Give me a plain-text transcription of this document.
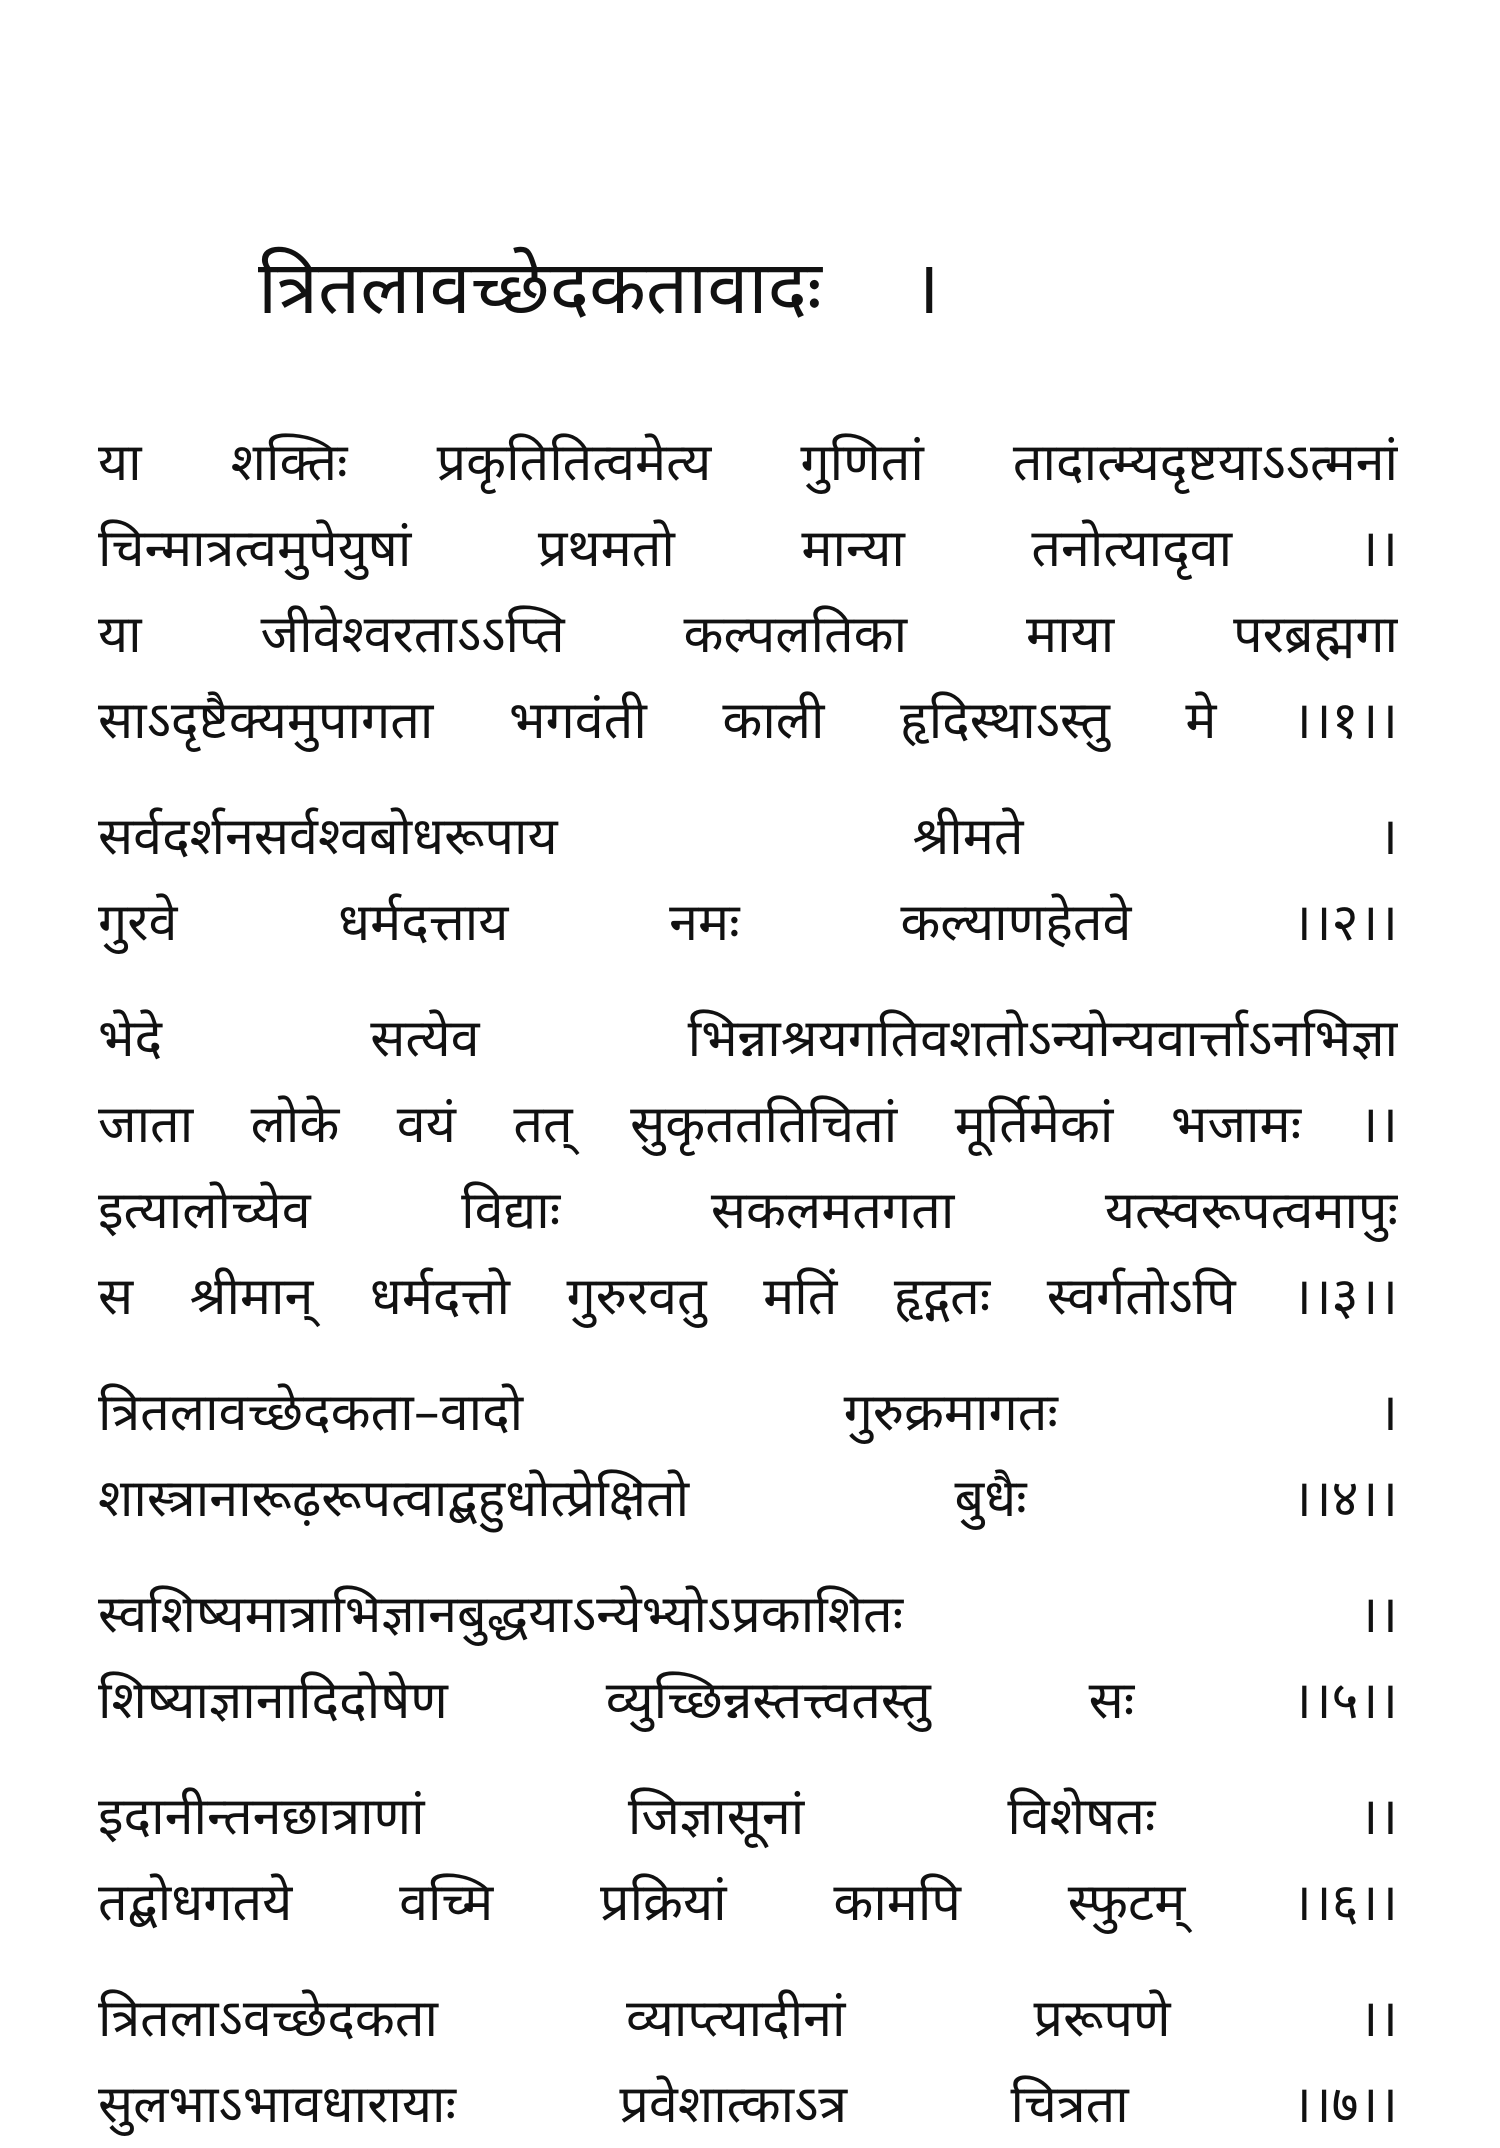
त्रितलावच्छेदकतावादः ।
या शक्तिः प्रकृतितित्वमेत्य गुणितां तादात्म्यदृष्टयाऽऽत्मनां
चिन्मात्रत्वमुपेयुषां प्रथमतो मान्या तनोत्यादृवा ।।
या जीवेश्वरताऽऽप्ति कल्पलतिका माया परब्रह्मगा
साऽदृष्टैक्यमुपागता भगवंती काली हृदिस्थाऽस्तु मे ।।१।।
सर्वदर्शनसर्वश्वबोधरूपाय श्रीमते ।
गुरवे धर्मदत्ताय नमः कल्याणहेतवे ।।२।।
भेदे सत्येव भिन्नाश्रयगतिवशतोऽन्योन्यवार्त्ताऽनभिज्ञा
जाता लोके वयं तत् सुकृतततिचितां मूर्तिमेकां भजामः ।।
इत्यालोच्येव विद्याः सकलमतगता यत्स्वरूपत्वमापुः
स श्रीमान् धर्मदत्तो गुरुरवतु मतिं हृद्गतः स्वर्गतोऽपि ।।३।।
त्रितलावच्छेदकता–वादो गुरुक्रमागतः ।
शास्त्रानारूढ़रूपत्वाद्बहुधोत्प्रेक्षितो बुधैः ।।४।।
स्वशिष्यमात्राभिज्ञानबुद्धयाऽन्येभ्योऽप्रकाशितः ।।
शिष्याज्ञानादिदोषेण व्युच्छिन्नस्तत्त्वतस्तु सः ।।५।।
इदानीन्तनछात्राणां जिज्ञासूनां विशेषतः ।।
तद्बोधगतये वच्मि प्रक्रियां कामपि स्फुटम् ।।६।।
त्रितलाऽवच्छेदकता व्याप्त्यादीनां प्ररूपणे ।।
सुलभाऽभावधारायाः प्रवेशात्काऽत्र चित्रता ।।७।।
